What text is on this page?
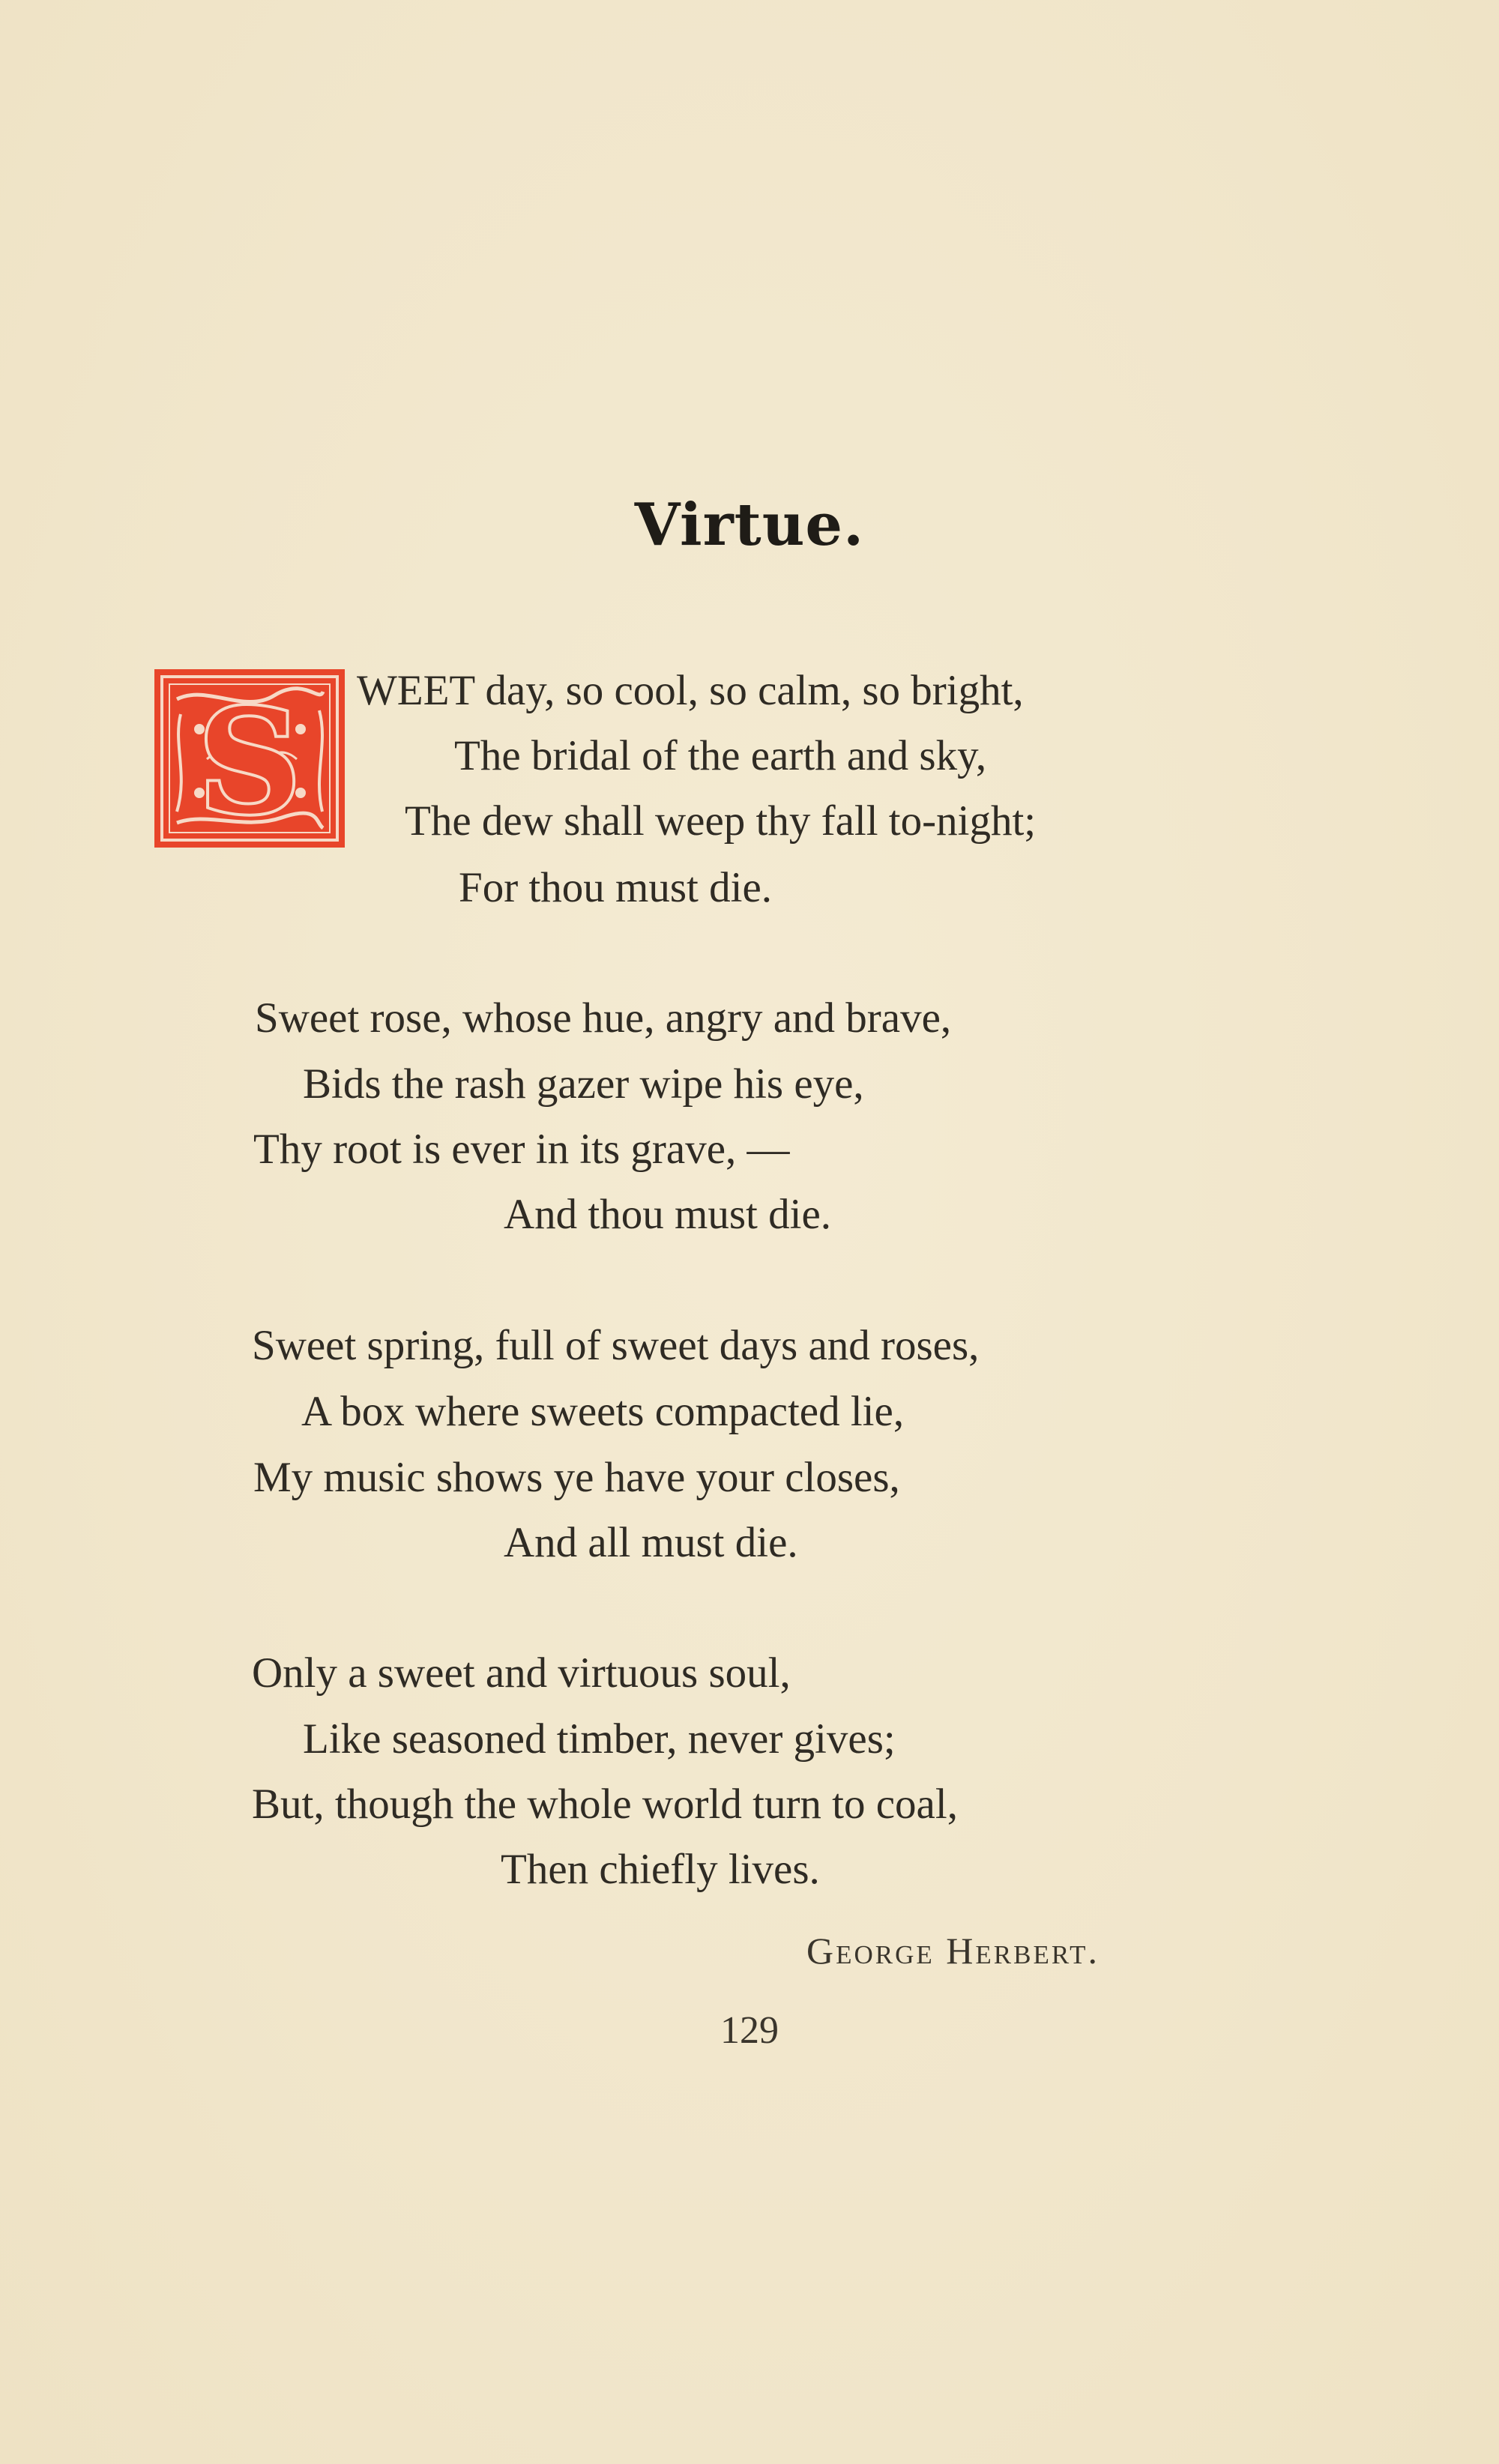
Virtue.
S WEET day, so cool, so calm, so bright,
The bridal of the earth and sky,
The dew shall weep thy fall to-night;
For thou must die.
Sweet rose, whose hue, angry and brave,
Bids the rash gazer wipe his eye,
Thy root is ever in its grave, —
And thou must die.
Sweet spring, full of sweet days and roses,
A box where sweets compacted lie,
My music shows ye have your closes,
And all must die.
Only a sweet and virtuous soul,
Like seasoned timber, never gives;
But, though the whole world turn to coal,
Then chiefly lives.
George Herbert.
129
